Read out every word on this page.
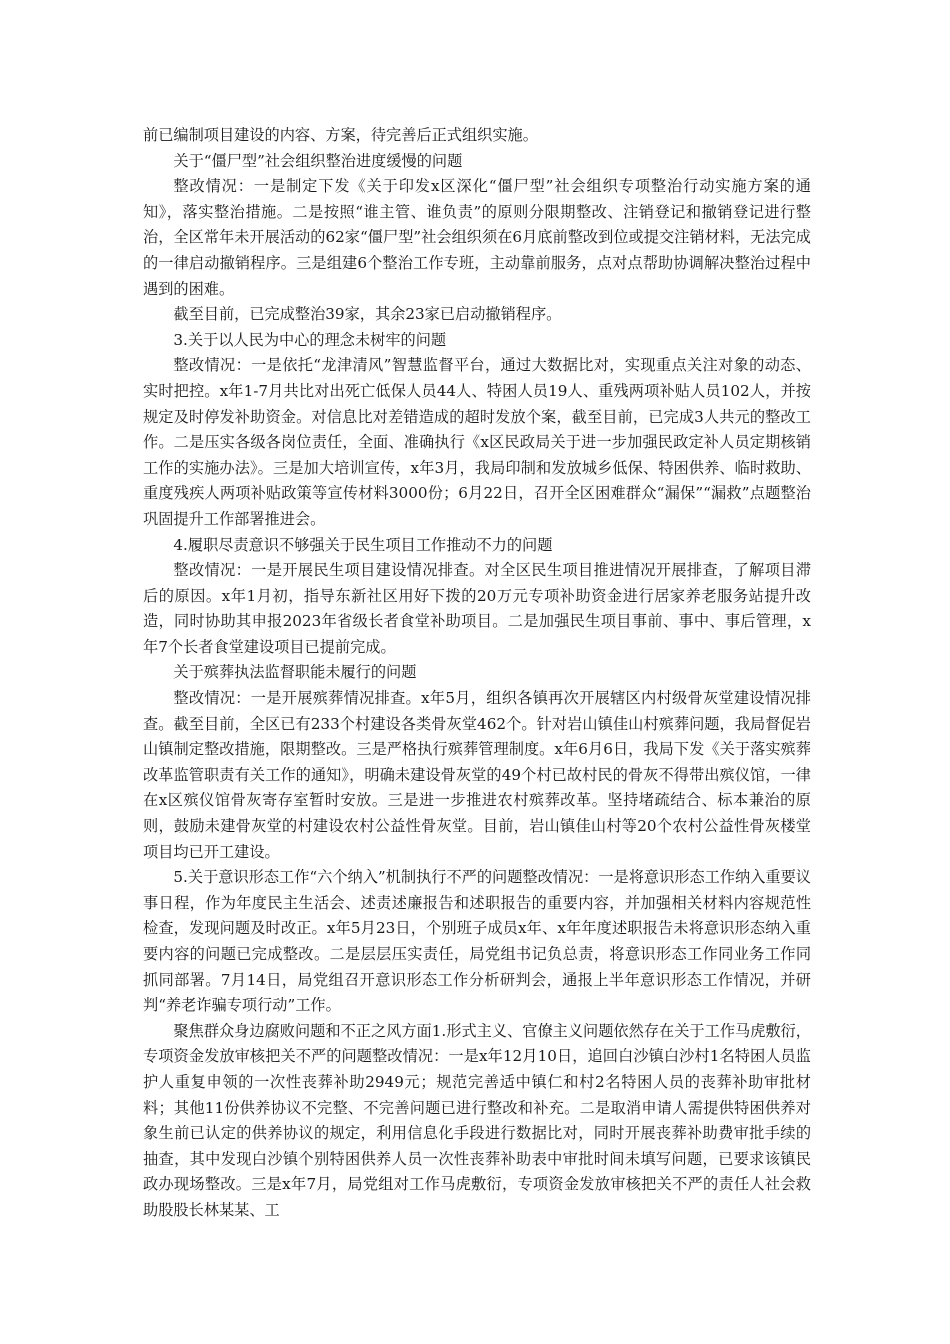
前已编制项目建设的内容、方案，待完善后正式组织实施。

关于“僵尸型”社会组织整治进度缓慢的问题

整改情况：一是制定下发《关于印发x区深化“僵尸型”社会组织专项整治行动实施方案的通知》，落实整治措施。二是按照“谁主管、谁负责”的原则分限期整改、注销登记和撤销登记进行整治，全区常年未开展活动的62家“僵尸型”社会组织须在6月底前整改到位或提交注销材料，无法完成的一律启动撤销程序。三是组建6个整治工作专班，主动靠前服务，点对点帮助协调解决整治过程中遇到的困难。

截至目前，已完成整治39家，其余23家已启动撤销程序。

3.关于以人民为中心的理念未树牢的问题

整改情况：一是依托“龙津清风”智慧监督平台，通过大数据比对，实现重点关注对象的动态、实时把控。x年1-7月共比对出死亡低保人员44人、特困人员19人、重残两项补贴人员102人，并按规定及时停发补助资金。对信息比对差错造成的超时发放个案，截至目前，已完成3人共元的整改工作。二是压实各级各岗位责任，全面、准确执行《x区民政局关于进一步加强民政定补人员定期核销工作的实施办法》。三是加大培训宣传，x年3月，我局印制和发放城乡低保、特困供养、临时救助、重度残疾人两项补贴政策等宣传材料3000份；6月22日，召开全区困难群众“漏保”“漏救”点题整治巩固提升工作部署推进会。

4.履职尽责意识不够强关于民生项目工作推动不力的问题

整改情况：一是开展民生项目建设情况排查。对全区民生项目推进情况开展排查，了解项目滞后的原因。x年1月初，指导东新社区用好下拨的20万元专项补助资金进行居家养老服务站提升改造，同时协助其申报2023年省级长者食堂补助项目。二是加强民生项目事前、事中、事后管理，x年7个长者食堂建设项目已提前完成。

关于殡葬执法监督职能未履行的问题

整改情况：一是开展殡葬情况排查。x年5月，组织各镇再次开展辖区内村级骨灰堂建设情况排查。截至目前，全区已有233个村建设各类骨灰堂462个。针对岩山镇佳山村殡葬问题，我局督促岩山镇制定整改措施，限期整改。三是严格执行殡葬管理制度。x年6月6日，我局下发《关于落实殡葬改革监管职责有关工作的通知》，明确未建设骨灰堂的49个村已故村民的骨灰不得带出殡仪馆，一律在x区殡仪馆骨灰寄存室暂时安放。三是进一步推进农村殡葬改革。坚持堵疏结合、标本兼治的原则，鼓励未建骨灰堂的村建设农村公益性骨灰堂。目前，岩山镇佳山村等20个农村公益性骨灰楼堂项目均已开工建设。

5.关于意识形态工作“六个纳入”机制执行不严的问题整改情况：一是将意识形态工作纳入重要议事日程，作为年度民主生活会、述责述廉报告和述职报告的重要内容，并加强相关材料内容规范性检查，发现问题及时改正。x年5月23日，个别班子成员x年、x年年度述职报告未将意识形态纳入重要内容的问题已完成整改。二是层层压实责任，局党组书记负总责，将意识形态工作同业务工作同抓同部署。7月14日，局党组召开意识形态工作分析研判会，通报上半年意识形态工作情况，并研判“养老诈骗专项行动”工作。

聚焦群众身边腐败问题和不正之风方面1.形式主义、官僚主义问题依然存在关于工作马虎敷衍，专项资金发放审核把关不严的问题整改情况：一是x年12月10日，追回白沙镇白沙村1名特困人员监护人重复申领的一次性丧葬补助2949元；规范完善适中镇仁和村2名特困人员的丧葬补助审批材料；其他11份供养协议不完整、不完善问题已进行整改和补充。二是取消申请人需提供特困供养对象生前已认定的供养协议的规定，利用信息化手段进行数据比对，同时开展丧葬补助费审批手续的抽查，其中发现白沙镇个别特困供养人员一次性丧葬补助表中审批时间未填写问题，已要求该镇民政办现场整改。三是x年7月，局党组对工作马虎敷衍，专项资金发放审核把关不严的责任人社会救助股股长林某某、工
